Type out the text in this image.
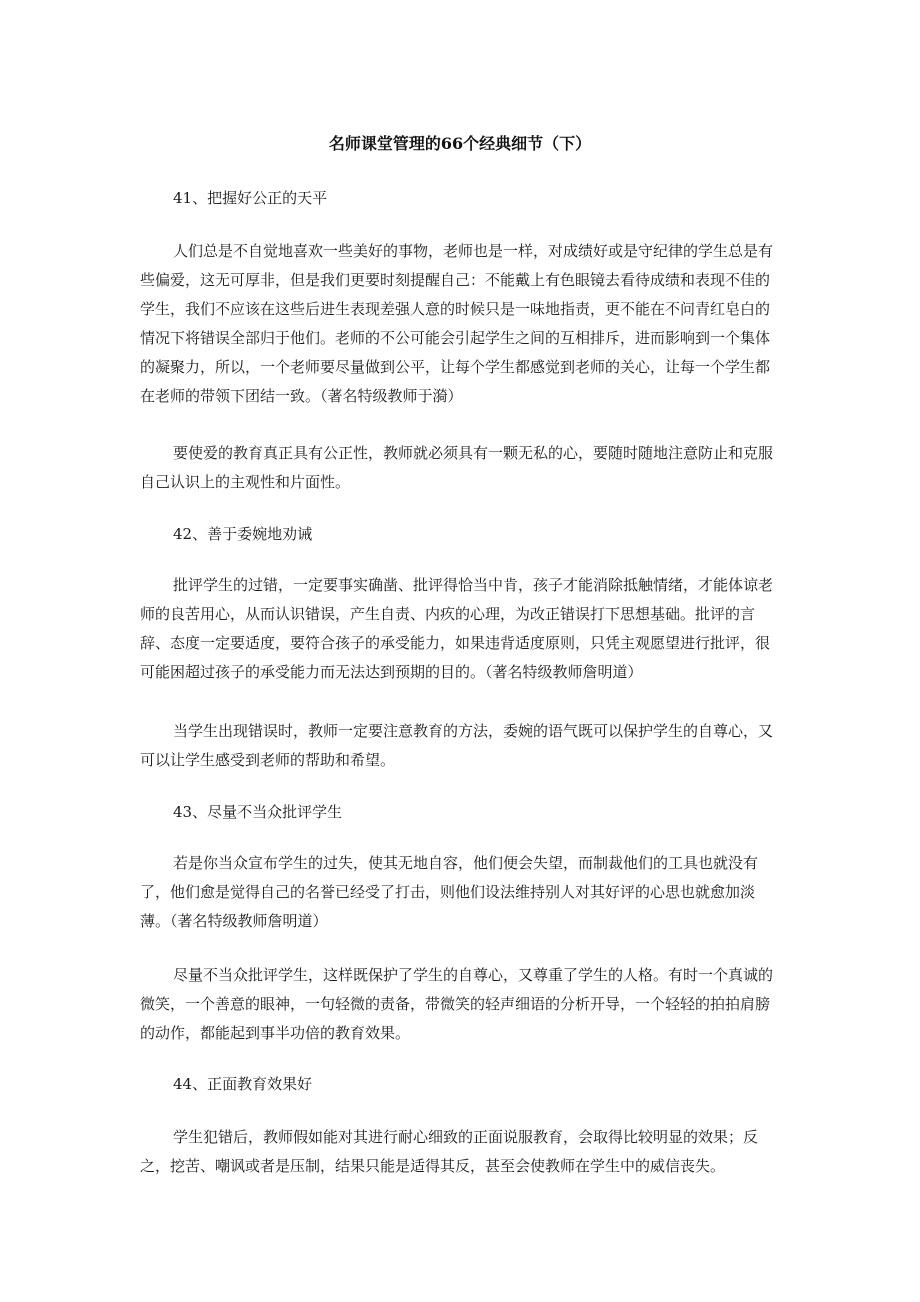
名师课堂管理的66个经典细节（下）
41、把握好公正的天平
人们总是不自觉地喜欢一些美好的事物，老师也是一样，对成绩好或是守纪律的学生总是有些偏爱，这无可厚非，但是我们更要时刻提醒自己：不能戴上有色眼镜去看待成绩和表现不佳的学生，我们不应该在这些后进生表现差强人意的时候只是一味地指责，更不能在不问青红皂白的情况下将错误全部归于他们。老师的不公可能会引起学生之间的互相排斥，进而影响到一个集体的凝聚力，所以，一个老师要尽量做到公平，让每个学生都感觉到老师的关心，让每一个学生都在老师的带领下团结一致。（著名特级教师于漪）
要使爱的教育真正具有公正性，教师就必须具有一颗无私的心，要随时随地注意防止和克服自己认识上的主观性和片面性。
42、善于委婉地劝诫
批评学生的过错，一定要事实确凿、批评得恰当中肯，孩子才能消除抵触情绪，才能体谅老师的良苦用心，从而认识错误，产生自责、内疚的心理，为改正错误打下思想基础。批评的言辞、态度一定要适度，要符合孩子的承受能力，如果违背适度原则，只凭主观愿望进行批评，很可能困超过孩子的承受能力而无法达到预期的目的。（著名特级教师詹明道）
当学生出现错误时，教师一定要注意教育的方法，委婉的语气既可以保护学生的自尊心，又可以让学生感受到老师的帮助和希望。
43、尽量不当众批评学生
若是你当众宣布学生的过失，使其无地自容，他们便会失望，而制裁他们的工具也就没有了，他们愈是觉得自己的名誉已经受了打击，则他们设法维持别人对其好评的心思也就愈加淡薄。（著名特级教师詹明道）
尽量不当众批评学生，这样既保护了学生的自尊心，又尊重了学生的人格。有时一个真诚的微笑，一个善意的眼神，一句轻微的责备，带微笑的轻声细语的分析开导，一个轻轻的拍拍肩膀的动作，都能起到事半功倍的教育效果。
44、正面教育效果好
学生犯错后，教师假如能对其进行耐心细致的正面说服教育，会取得比较明显的效果；反之，挖苦、嘲讽或者是压制，结果只能是适得其反，甚至会使教师在学生中的威信丧失。
